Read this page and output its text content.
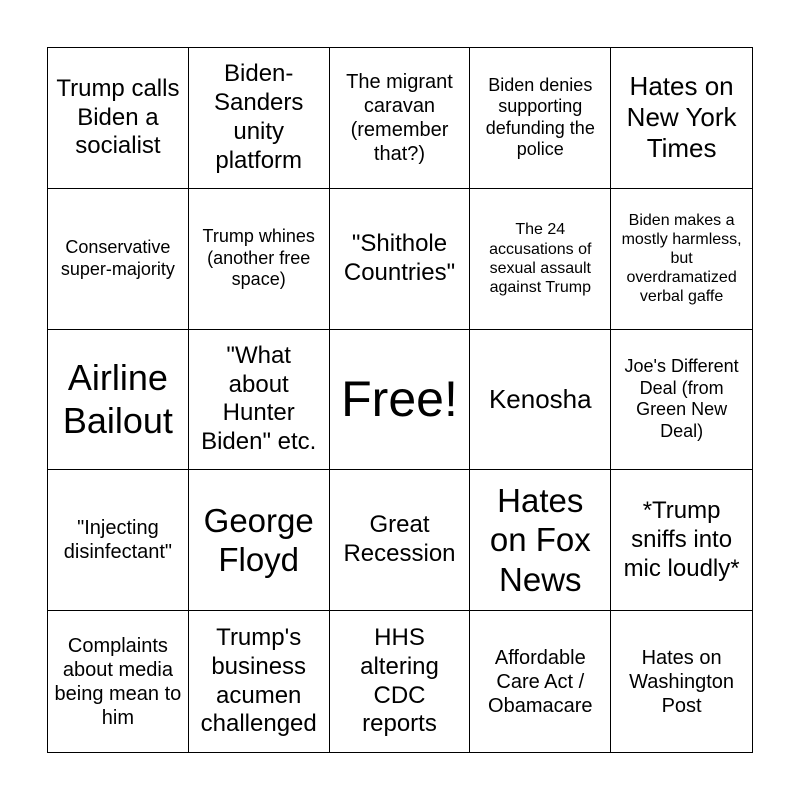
Trump calls Biden a socialist
Biden-Sanders unity platform
The migrant caravan (remember that?)
Biden denies supporting defunding the police
Hates on New York Times
Conservative super-majority
Trump whines (another free space)
"Shithole Countries"
The 24 accusations of sexual assault against Trump
Biden makes a mostly harmless, but overdramatized verbal gaffe
Airline Bailout
"What about Hunter Biden" etc.
Free! Kenosha
Joe's Different Deal (from Green New Deal)
"Injecting disinfectant"
George Floyd
Great Recession
Hates on Fox News
*Trump sniffs into mic loudly*
Complaints about media being mean to him
Trump's business acumen challenged
HHS altering CDC reports
Affordable Care Act / Obamacare
Hates on Washington Post
